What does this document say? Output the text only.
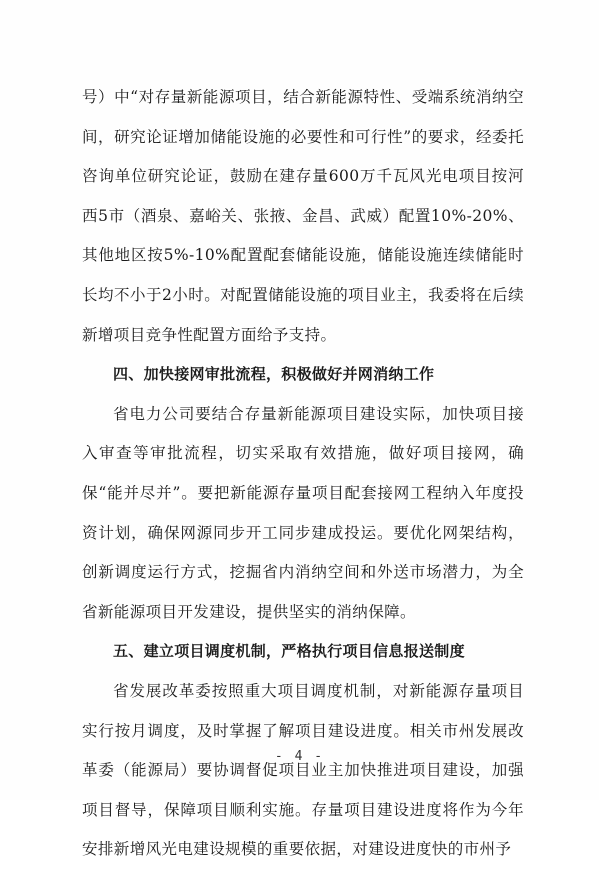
号）中“对存量新能源项目，结合新能源特性、受端系统消纳空间，研究论证增加储能设施的必要性和可行性”的要求，经委托咨询单位研究论证，鼓励在建存量600万千瓦风光电项目按河西5市（酒泉、嘉峪关、张掖、金昌、武威）配置10%-20%、其他地区按5%-10%配置配套储能设施，储能设施连续储能时长均不小于2小时。对配置储能设施的项目业主，我委将在后续新增项目竞争性配置方面给予支持。

四、加快接网审批流程，积极做好并网消纳工作

省电力公司要结合存量新能源项目建设实际，加快项目接入审查等审批流程，切实采取有效措施，做好项目接网，确保“能并尽并”。要把新能源存量项目配套接网工程纳入年度投资计划，确保网源同步开工同步建成投运。要优化网架结构，创新调度运行方式，挖掘省内消纳空间和外送市场潜力，为全省新能源项目开发建设，提供坚实的消纳保障。

五、建立项目调度机制，严格执行项目信息报送制度

省发展改革委按照重大项目调度机制，对新能源存量项目实行按月调度，及时掌握了解项目建设进度。相关市州发展改革委（能源局）要协调督促项目业主加快推进项目建设，加强项目督导，保障项目顺利实施。存量项目建设进度将作为今年安排新增风光电建设规模的重要依据，对建设进度快的市州予

- 4 -
